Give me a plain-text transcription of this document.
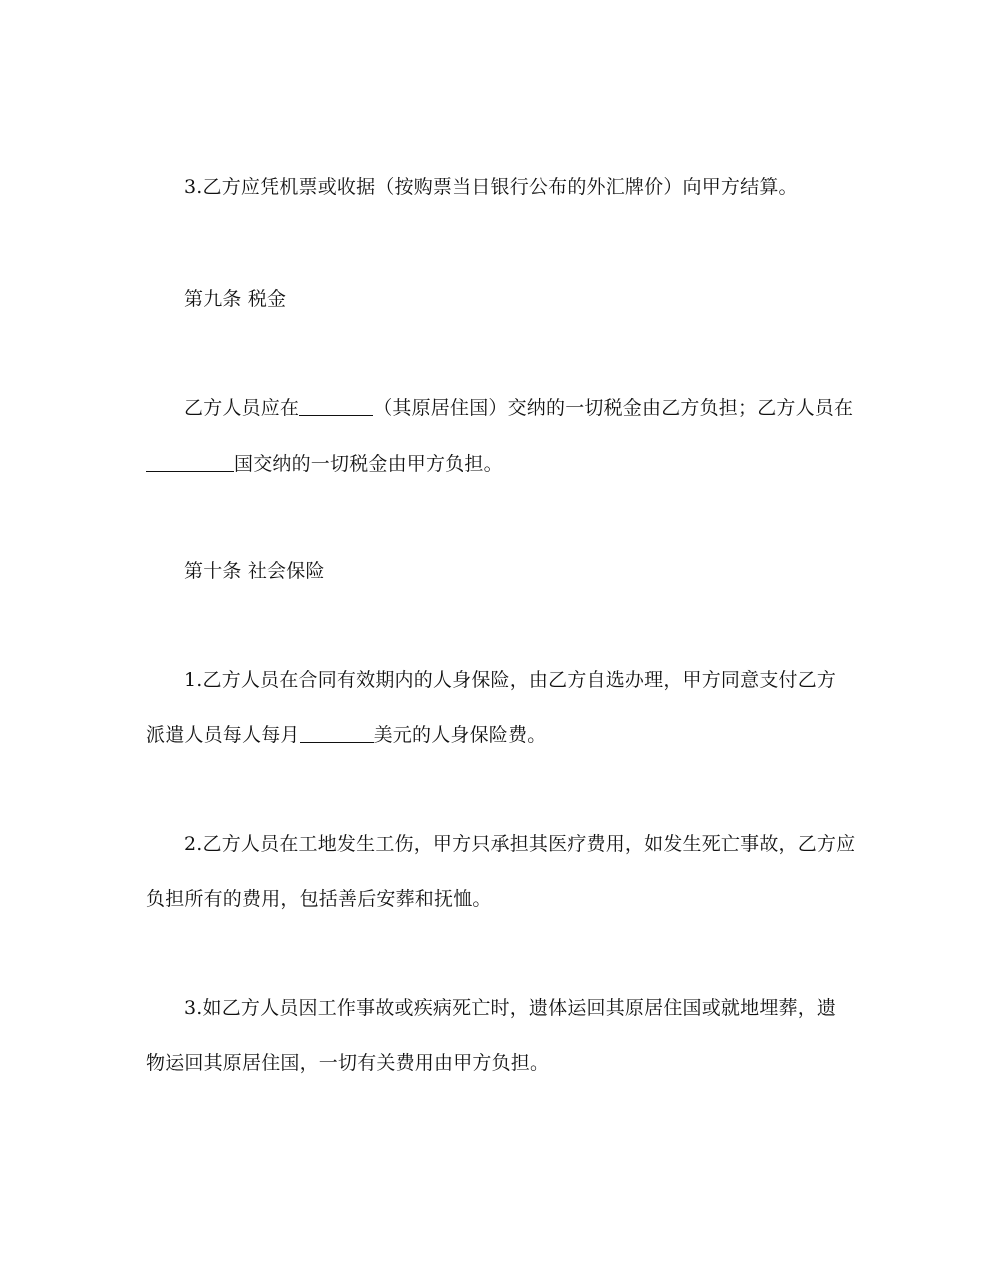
3.乙方应凭机票或收据（按购票当日银行公布的外汇牌价）向甲方结算。
第九条 税金
乙方人员应在	（其原居住国）交纳的一切税金由乙方负担；乙方人员在
国交纳的一切税金由甲方负担。
第十条 社会保险
1.乙方人员在合同有效期内的人身保险，由乙方自选办理，甲方同意支付乙方
派遣人员每人每月	美元的人身保险费。
2.乙方人员在工地发生工伤，甲方只承担其医疗费用，如发生死亡事故，乙方应
负担所有的费用，包括善后安葬和抚恤。
3.如乙方人员因工作事故或疾病死亡时，遗体运回其原居住国或就地埋葬，遗
物运回其原居住国，一切有关费用由甲方负担。
